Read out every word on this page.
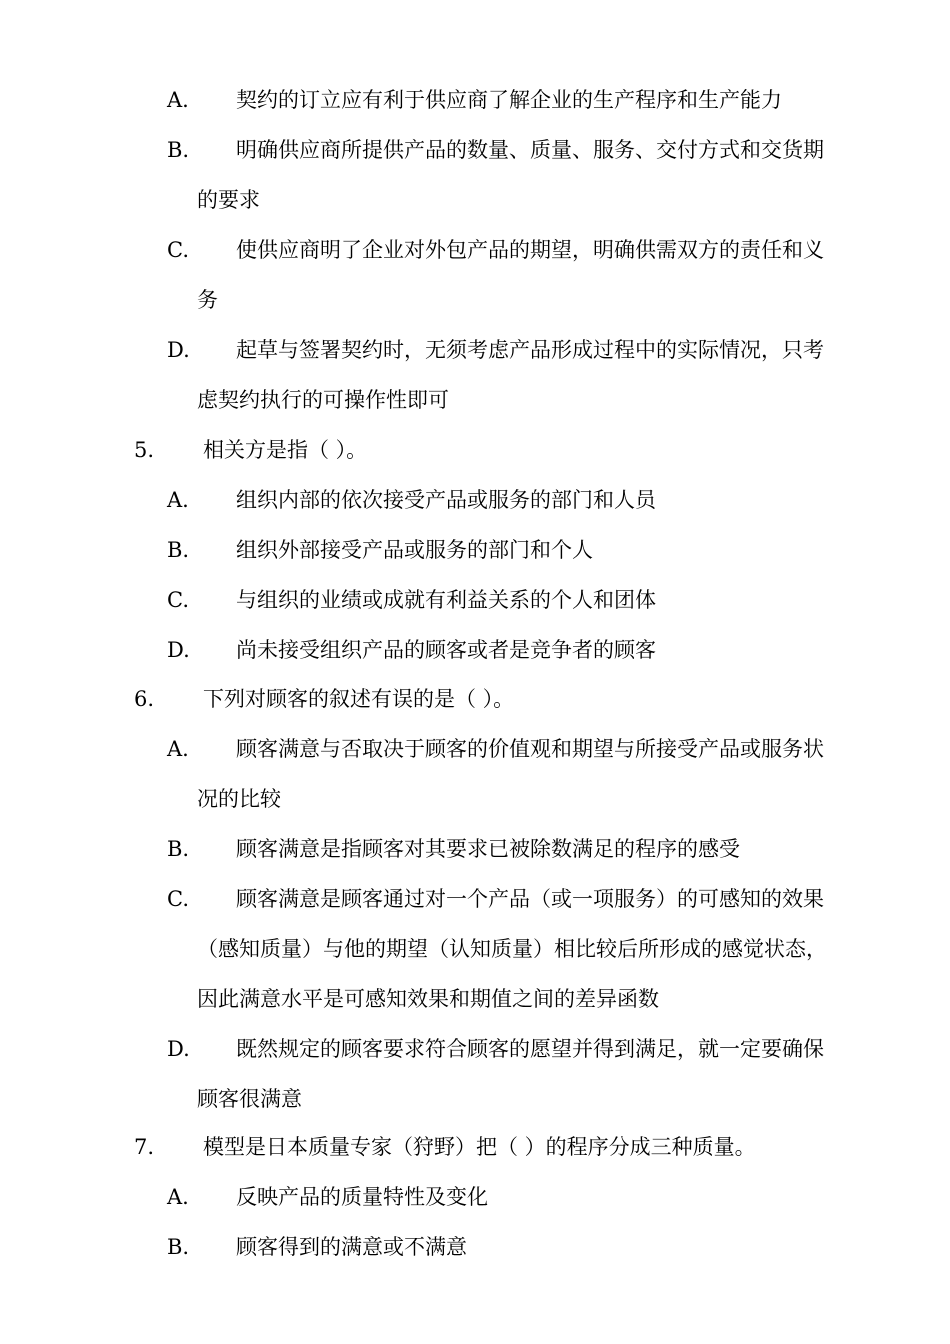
A. 契约的订立应有利于供应商了解企业的生产程序和生产能力
B. 明确供应商所提供产品的数量、质量、服务、交付方式和交货期
的要求
C. 使供应商明了企业对外包产品的期望，明确供需双方的责任和义
务
D. 起草与签署契约时，无须考虑产品形成过程中的实际情况，只考
虑契约执行的可操作性即可
5. 相关方是指（ ）。
A. 组织内部的依次接受产品或服务的部门和人员
B. 组织外部接受产品或服务的部门和个人
C. 与组织的业绩或成就有利益关系的个人和团体
D. 尚未接受组织产品的顾客或者是竞争者的顾客
6. 下列对顾客的叙述有误的是（ ）。
A. 顾客满意与否取决于顾客的价值观和期望与所接受产品或服务状
况的比较
B. 顾客满意是指顾客对其要求已被除数满足的程序的感受
C. 顾客满意是顾客通过对一个产品（或一项服务）的可感知的效果
（感知质量）与他的期望（认知质量）相比较后所形成的感觉状态，
因此满意水平是可感知效果和期值之间的差异函数
D. 既然规定的顾客要求符合顾客的愿望并得到满足，就一定要确保
顾客很满意
7. 模型是日本质量专家（狩野）把（ ）的程序分成三种质量。
A. 反映产品的质量特性及变化
B. 顾客得到的满意或不满意
